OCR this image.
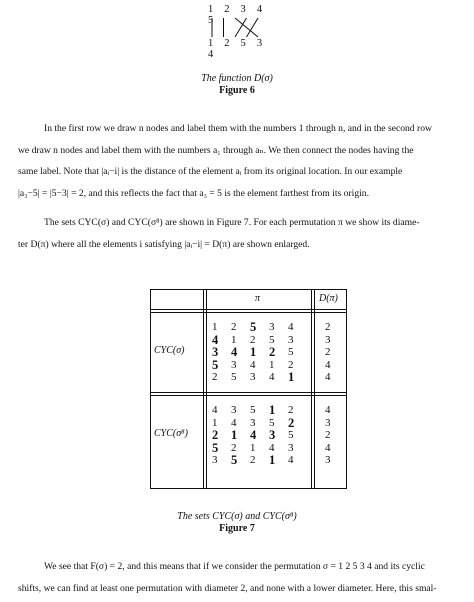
1 2 3 4 5
1 2 5 3 4
The function D(σ)
Figure 6

In the first row we draw n nodes and label them with the numbers 1 through n, and in the second row

we draw n nodes and label them with the numbers a₁ through aₙ. We then connect the nodes having the

same label. Note that |aᵢ−i| is the distance of the element aᵢ from its original location. In our example

|a₃−5| = |5−3| = 2, and this reflects the fact that a₃ = 5 is the element farthest from its origin.

The sets CYC(σ) and CYC(σ⁸) are shown in Figure 7. For each permutation π we show its diame-

ter D(π) where all the elements i satisfying |aᵢ−i| = D(π) are shown enlarged.

π	D(π)
CYC(σ)
1 2 5 3 4	2
4 1 2 5 3	3
3 4 1 2 5	2
5 3 4 1 2	4
2 5 3 4 1	4
CYC(σ⁸)
4 3 5 1 2	4
1 4 3 5 2	3
2 1 4 3 5	2
5 2 1 4 3	4
3 5 2 1 4	3
The sets CYC(σ) and CYC(σ⁸)
Figure 7

We see that F(σ) = 2, and this means that if we consider the permutation σ = 1 2 5 3 4 and its cyclic

shifts, we can find at least one permutation with diameter 2, and none with a lower diameter. Here, this smal-
